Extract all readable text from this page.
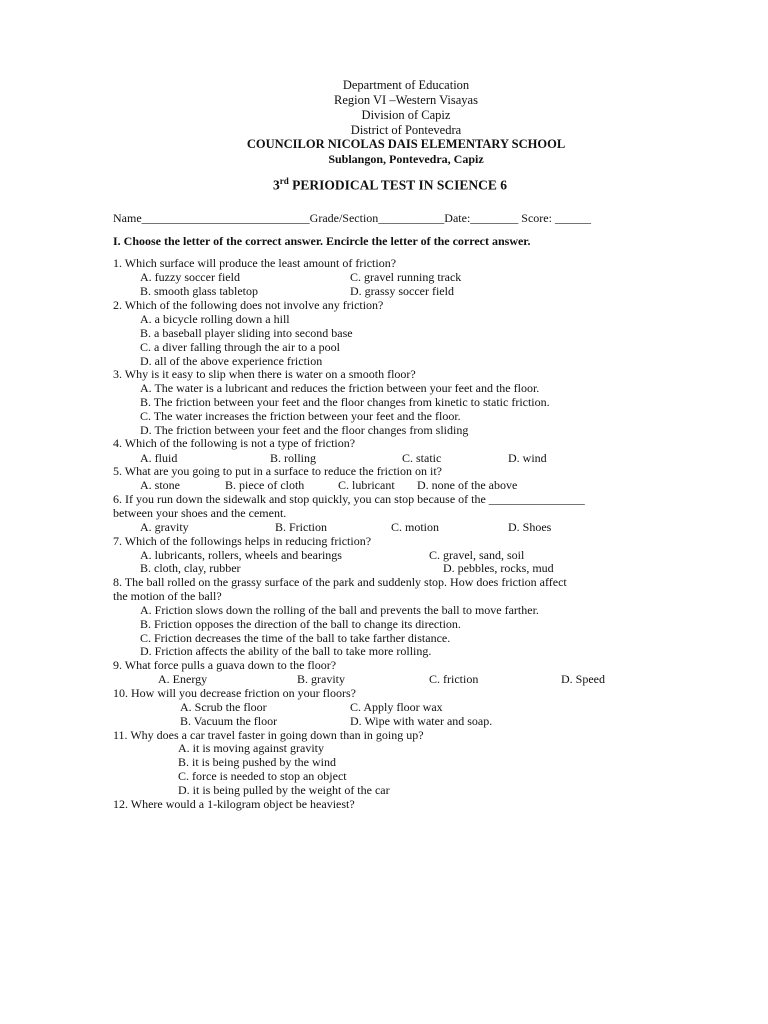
Department of Education
Region VI –Western Visayas
Division of Capiz
District of Pontevedra
COUNCILOR NICOLAS DAIS ELEMENTARY SCHOOL
Sublangon, Pontevedra, Capiz
3rd PERIODICAL TEST IN SCIENCE 6
Name____________________________Grade/Section___________Date:________ Score: ______
I. Choose the letter of the correct answer. Encircle the letter of the correct answer.
1. Which surface will produce the least amount of friction?
A. fuzzy soccer field	C. gravel running track
B. smooth glass tabletop	D. grassy soccer field
2. Which of the following does not involve any friction?
A. a bicycle rolling down a hill
B. a baseball player sliding into second base
C. a diver falling through the air to a pool
D. all of the above experience friction
3. Why is it easy to slip when there is water on a smooth floor?
A. The water is a lubricant and reduces the friction between your feet and the floor.
B. The friction between your feet and the floor changes from kinetic to static friction.
C. The water increases the friction between your feet and the floor.
D. The friction between your feet and the floor changes from sliding
4. Which of the following is not a type of friction?
A. fluid	B. rolling	C. static	D. wind
5. What are you going to put in a surface to reduce the friction on it?
A. stone	B. piece of cloth	C. lubricant D. none of the above
6. If you run down the sidewalk and stop quickly, you can stop because of the ________________
between your shoes and the cement.
A. gravity	B. Friction	C. motion	D. Shoes
7. Which of the followings helps in reducing friction?
A. lubricants, rollers, wheels and bearings	C. gravel, sand, soil
B. cloth, clay, rubber	D. pebbles, rocks, mud
8. The ball rolled on the grassy surface of the park and suddenly stop. How does friction affect
the motion of the ball?
A. Friction slows down the rolling of the ball and prevents the ball to move farther.
B. Friction opposes the direction of the ball to change its direction.
C. Friction decreases the time of the ball to take farther distance.
D. Friction affects the ability of the ball to take more rolling.
9. What force pulls a guava down to the floor?
A. Energy	B. gravity	C. friction	D. Speed
10. How will you decrease friction on your floors?
A. Scrub the floor	C. Apply floor wax
B. Vacuum the floor	D. Wipe with water and soap.
11. Why does a car travel faster in going down than in going up?
A. it is moving against gravity
B. it is being pushed by the wind
C. force is needed to stop an object
D. it is being pulled by the weight of the car
12. Where would a 1-kilogram object be heaviest?
